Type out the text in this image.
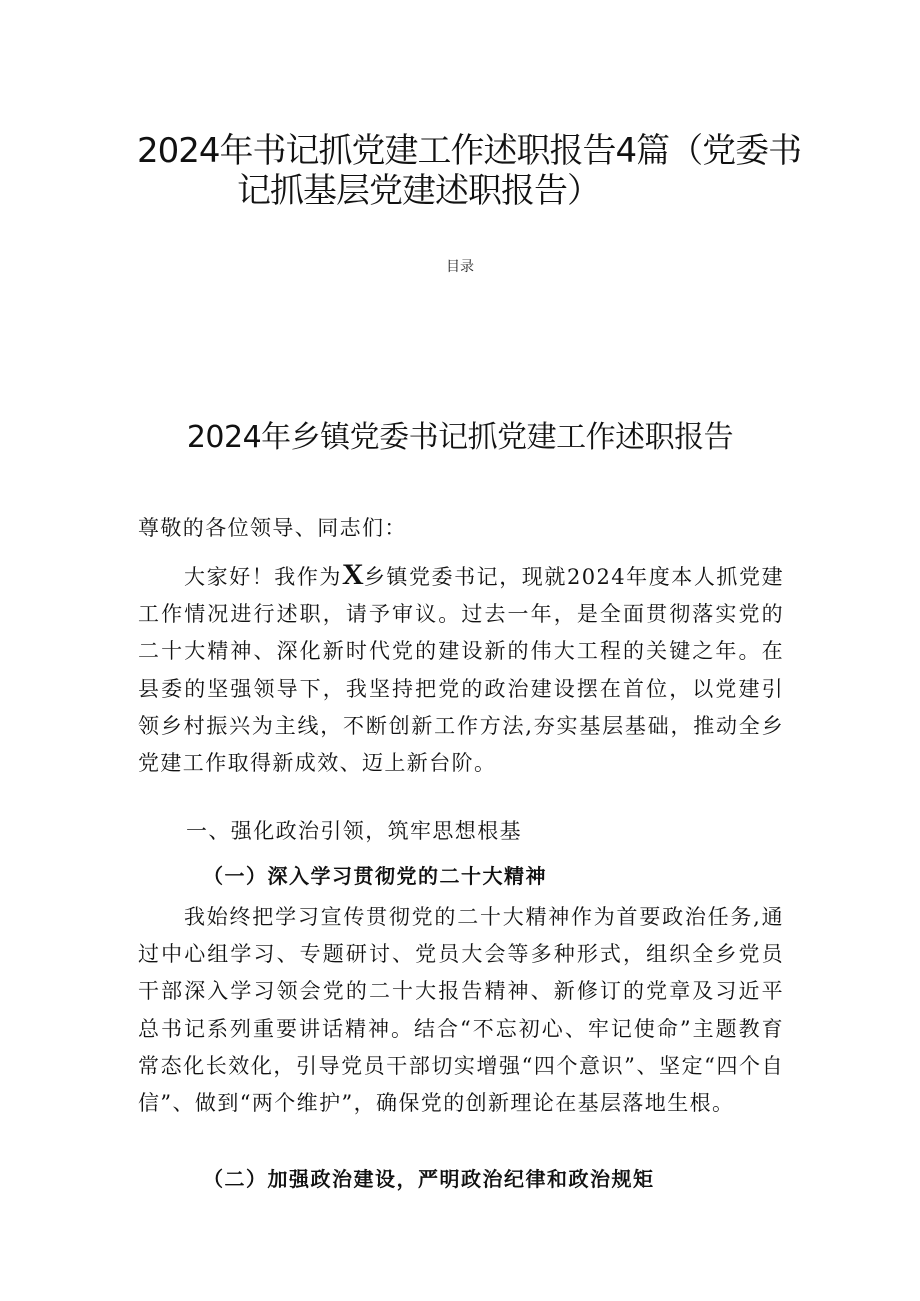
2024年书记抓党建工作述职报告4篇（党委书
记抓基层党建述职报告）
目录
2024年乡镇党委书记抓党建工作述职报告
尊敬的各位领导、同志们：
大家好！我作为X乡镇党委书记，现就2024年度本人抓党建工作情况进行述职，请予审议。过去一年，是全面贯彻落实党的二十大精神、深化新时代党的建设新的伟大工程的关键之年。在县委的坚强领导下，我坚持把党的政治建设摆在首位，以党建引领乡村振兴为主线，不断创新工作方法,夯实基层基础，推动全乡党建工作取得新成效、迈上新台阶。
一、强化政治引领，筑牢思想根基
（一）深入学习贯彻党的二十大精神
我始终把学习宣传贯彻党的二十大精神作为首要政治任务,通过中心组学习、专题研讨、党员大会等多种形式，组织全乡党员干部深入学习领会党的二十大报告精神、新修订的党章及习近平总书记系列重要讲话精神。结合“不忘初心、牢记使命”主题教育常态化长效化，引导党员干部切实增强“四个意识”、坚定“四个自信”、做到“两个维护”，确保党的创新理论在基层落地生根。
（二）加强政治建设，严明政治纪律和政治规矩
